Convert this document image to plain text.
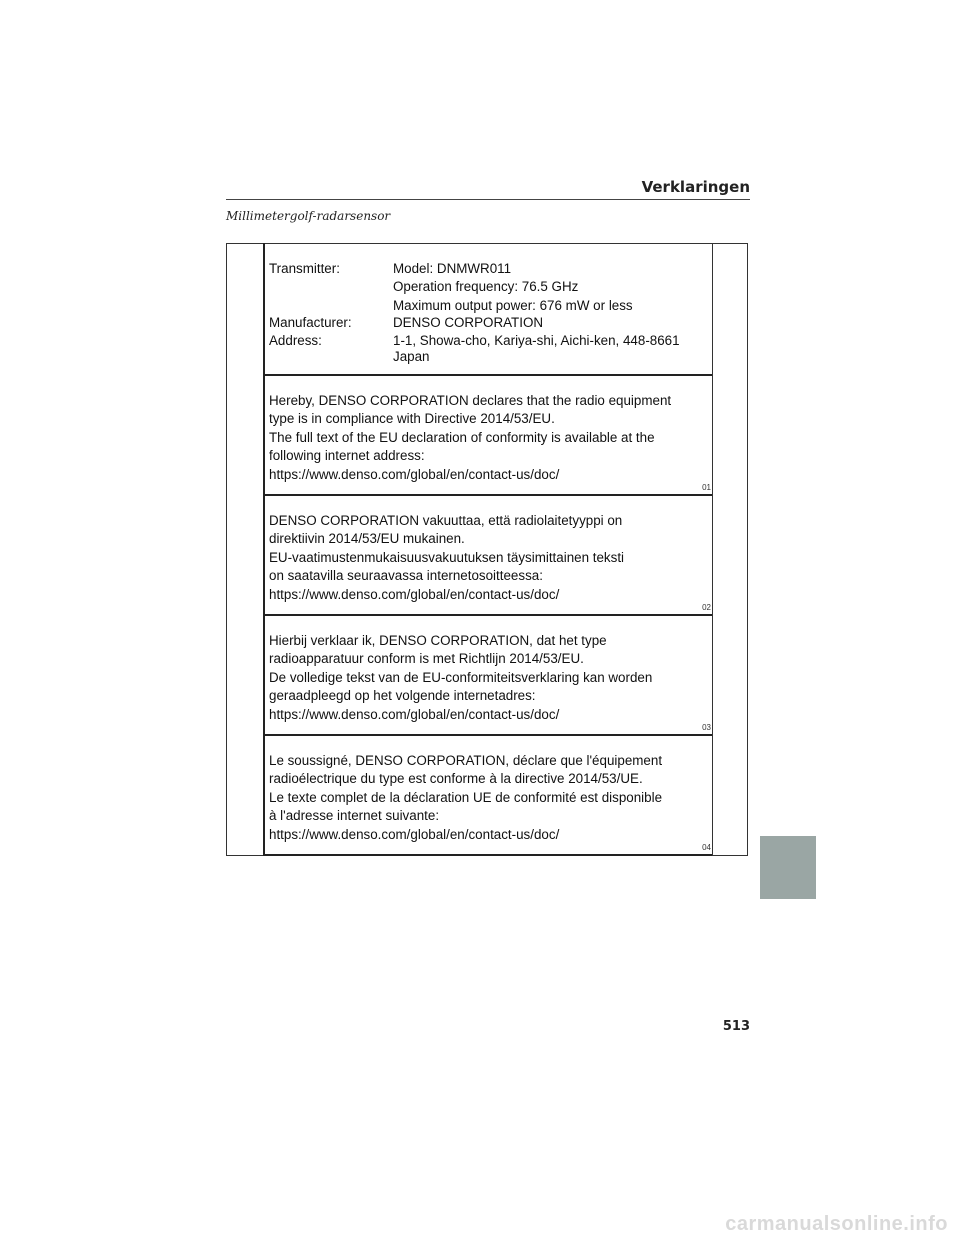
Verklaringen
Millimetergolf-radarsensor
Transmitter:	Model: DNMWR011
Operation frequency: 76.5 GHz
Maximum output power: 676 mW or less
Manufacturer:	DENSO CORPORATION
Address:	1-1, Showa-cho, Kariya-shi, Aichi-ken, 448-8661
Japan
Hereby, DENSO CORPORATION declares that the radio equipment
type is in compliance with Directive 2014/53/EU.
The full text of the EU declaration of conformity is available at the
following internet address:
https://www.denso.com/global/en/contact-us/doc/
01
DENSO CORPORATION vakuuttaa, että radiolaitetyyppi on
direktiivin 2014/53/EU mukainen.
EU-vaatimustenmukaisuusvakuutuksen täysimittainen teksti
on saatavilla seuraavassa internetosoitteessa:
https://www.denso.com/global/en/contact-us/doc/
02
Hierbij verklaar ik, DENSO CORPORATION, dat het type
radioapparatuur conform is met Richtlijn 2014/53/EU.
De volledige tekst van de EU-conformiteitsverklaring kan worden
geraadpleegd op het volgende internetadres:
https://www.denso.com/global/en/contact-us/doc/
03
Le soussigné, DENSO CORPORATION, déclare que l'équipement
radioélectrique du type est conforme à la directive 2014/53/UE.
Le texte complet de la déclaration UE de conformité est disponible
à l'adresse internet suivante:
https://www.denso.com/global/en/contact-us/doc/
04
513
carmanualsonline.info
